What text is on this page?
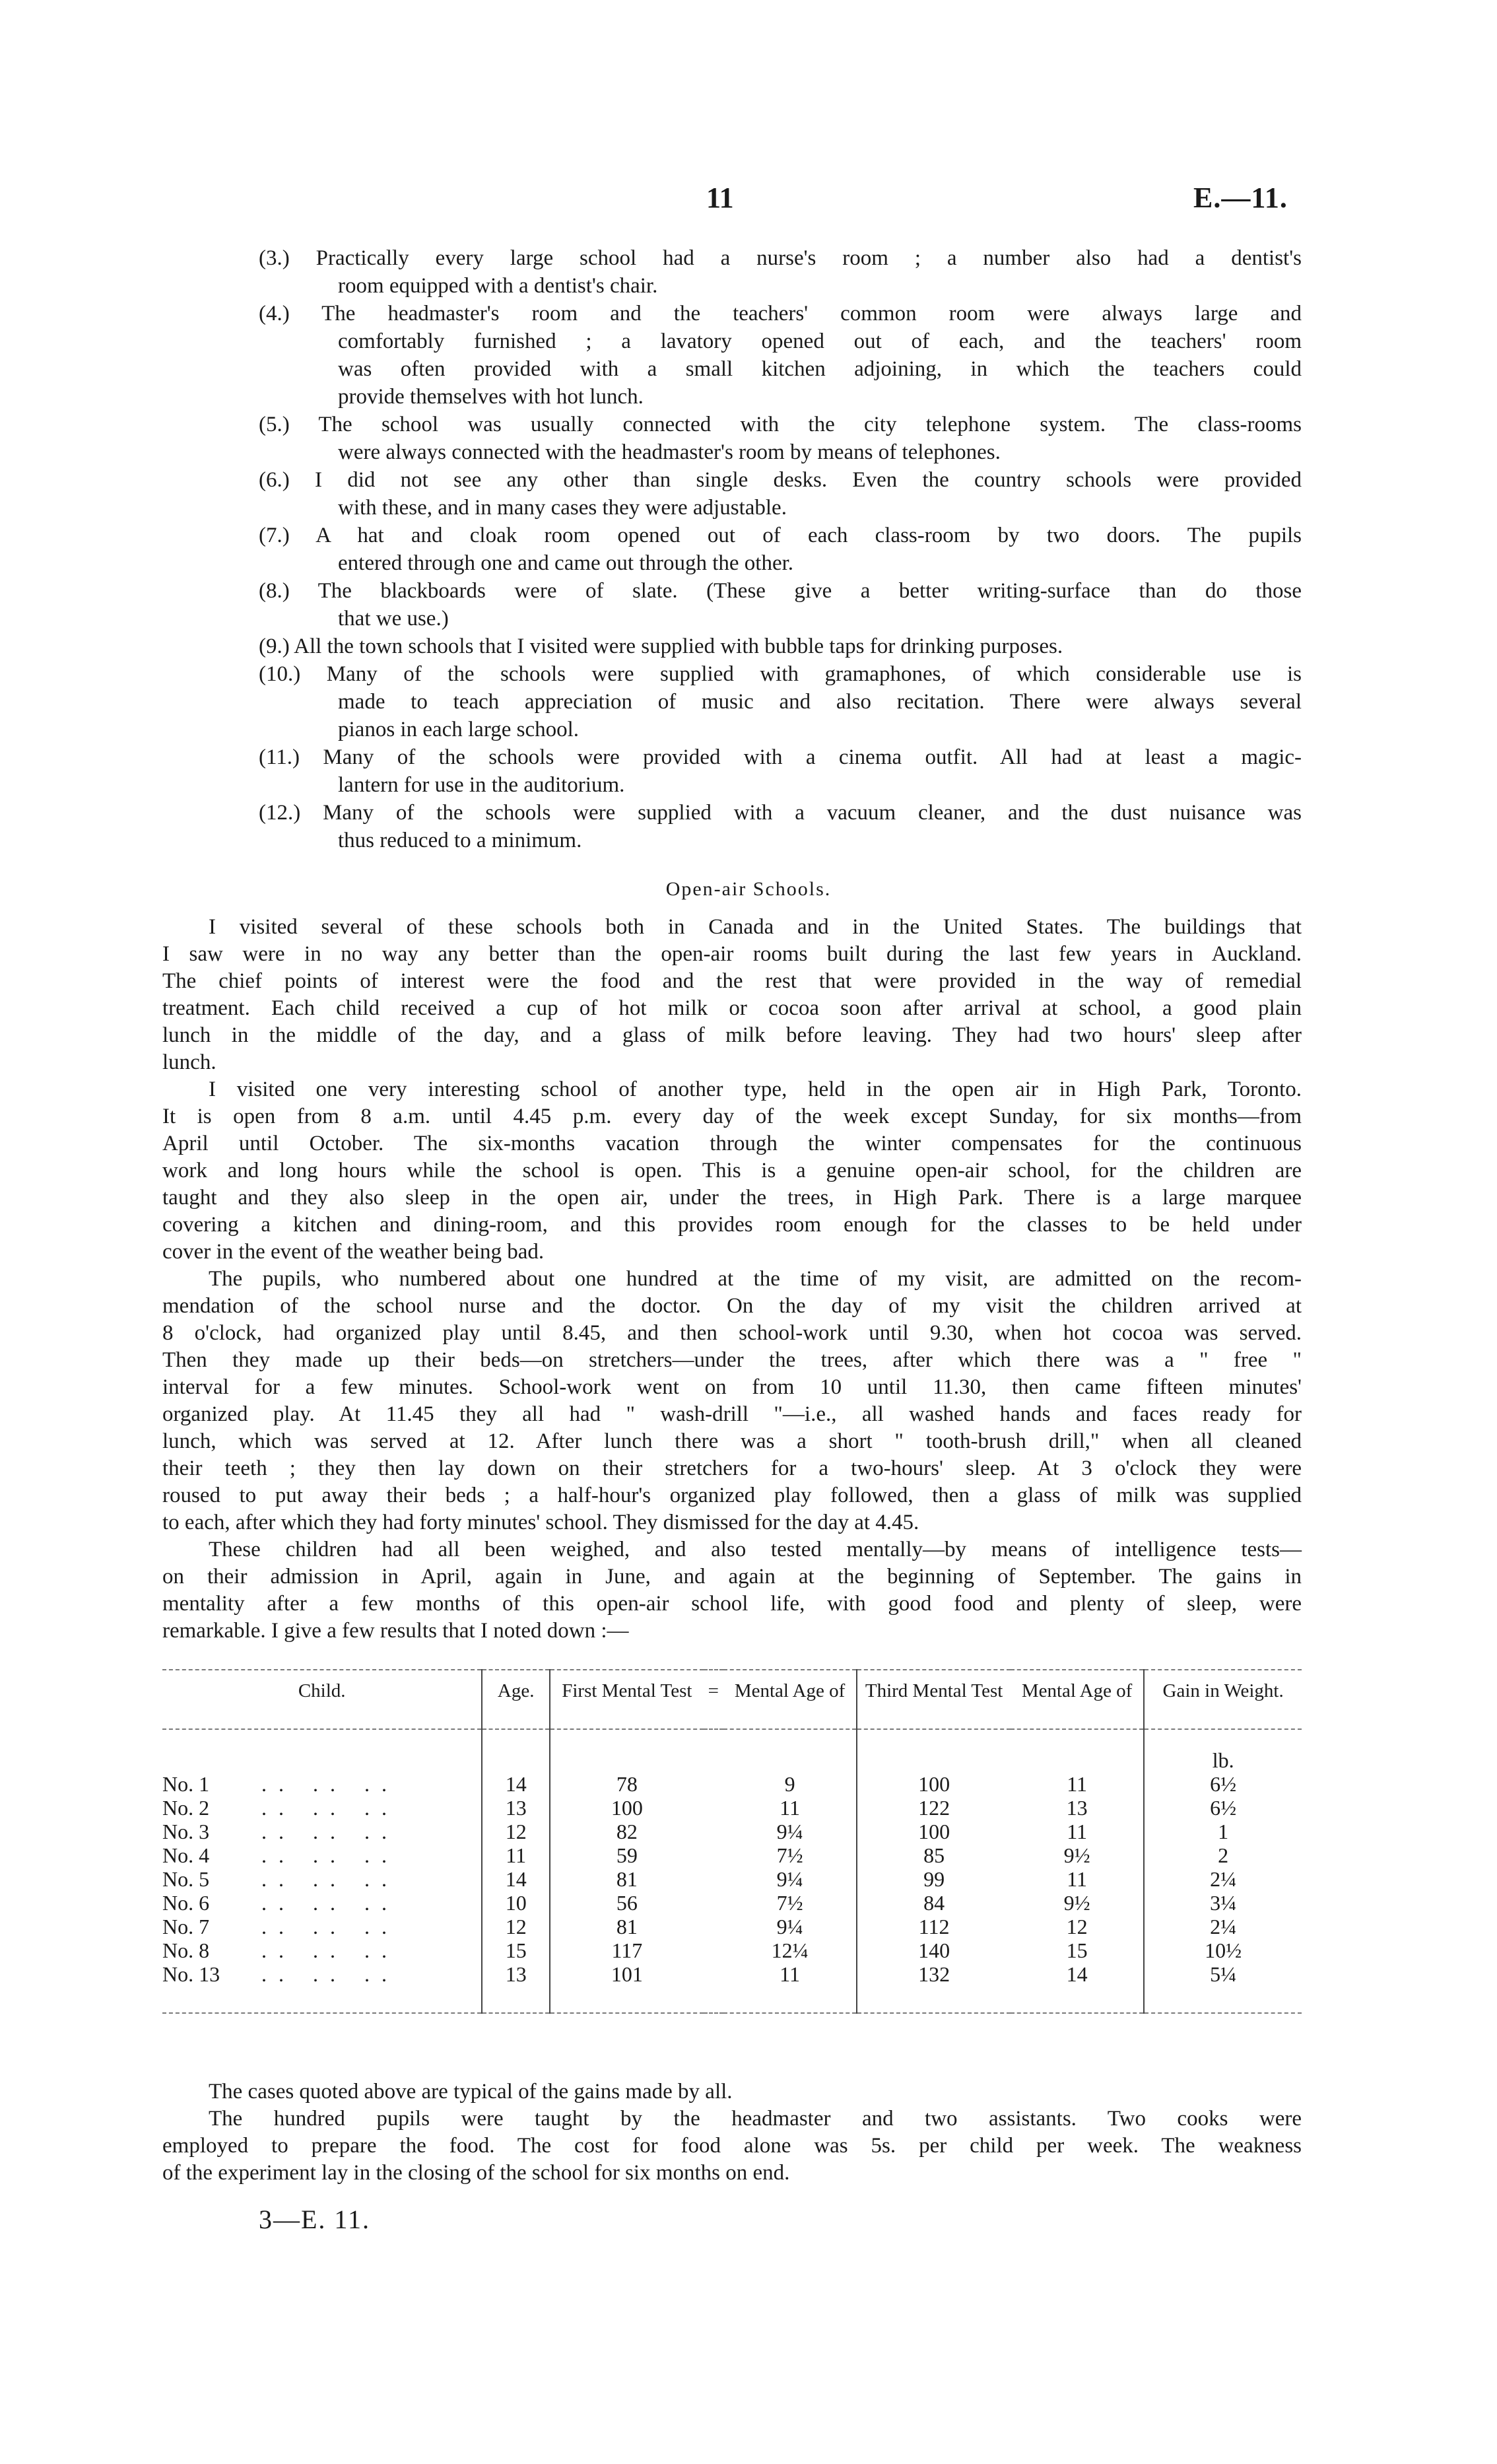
11	E.—11.
(3.) Practically every large school had a nurse's room ; a number also had a dentist's
room equipped with a dentist's chair.
(4.) The headmaster's room and the teachers' common room were always large and
comfortably furnished ; a lavatory opened out of each, and the teachers' room
was often provided with a small kitchen adjoining, in which the teachers could
provide themselves with hot lunch.
(5.) The school was usually connected with the city telephone system. The class-rooms
were always connected with the headmaster's room by means of telephones.
(6.) I did not see any other than single desks. Even the country schools were provided
with these, and in many cases they were adjustable.
(7.) A hat and cloak room opened out of each class-room by two doors. The pupils
entered through one and came out through the other.
(8.) The blackboards were of slate. (These give a better writing-surface than do those
that we use.)
(9.) All the town schools that I visited were supplied with bubble taps for drinking purposes.
(10.) Many of the schools were supplied with gramaphones, of which considerable use is
made to teach appreciation of music and also recitation. There were always several
pianos in each large school.
(11.) Many of the schools were provided with a cinema outfit. All had at least a magic-
lantern for use in the auditorium.
(12.) Many of the schools were supplied with a vacuum cleaner, and the dust nuisance was
thus reduced to a minimum.
Open-air Schools.
I visited several of these schools both in Canada and in the United States. The buildings that
I saw were in no way any better than the open-air rooms built during the last few years in Auckland.
The chief points of interest were the food and the rest that were provided in the way of remedial
treatment. Each child received a cup of hot milk or cocoa soon after arrival at school, a good plain
lunch in the middle of the day, and a glass of milk before leaving. They had two hours' sleep after
lunch.
I visited one very interesting school of another type, held in the open air in High Park, Toronto.
It is open from 8 a.m. until 4.45 p.m. every day of the week except Sunday, for six months—from
April until October. The six-months vacation through the winter compensates for the continuous
work and long hours while the school is open. This is a genuine open-air school, for the children are
taught and they also sleep in the open air, under the trees, in High Park. There is a large marquee
covering a kitchen and dining-room, and this provides room enough for the classes to be held under
cover in the event of the weather being bad.
The pupils, who numbered about one hundred at the time of my visit, are admitted on the recom-
mendation of the school nurse and the doctor. On the day of my visit the children arrived at
8 o'clock, had organized play until 8.45, and then school-work until 9.30, when hot cocoa was served.
Then they made up their beds—on stretchers—under the trees, after which there was a " free "
interval for a few minutes. School-work went on from 10 until 11.30, then came fifteen minutes'
organized play. At 11.45 they all had " wash-drill "—i.e., all washed hands and faces ready for
lunch, which was served at 12. After lunch there was a short " tooth-brush drill," when all cleaned
their teeth ; they then lay down on their stretchers for a two-hours' sleep. At 3 o'clock they were
roused to put away their beds ; a half-hour's organized play followed, then a glass of milk was supplied
to each, after which they had forty minutes' school. They dismissed for the day at 4.45.
These children had all been weighed, and also tested mentally—by means of intelligence tests—
on their admission in April, again in June, and again at the beginning of September. The gains in
mentality after a few months of this open-air school life, with good food and plenty of sleep, were
remarkable. I give a few results that I noted down :—
Child.	Age.	First Mental Test	=	Mental Age of	Third Mental Test	Mental Age of	Gain in Weight.
							lb.
No. 1 .. .. ..	14	78		9	100	11	6½
No. 2 .. .. ..	13	100		11	122	13	6½
No. 3 .. .. ..	12	82		9¼	100	11	1
No. 4 .. .. ..	11	59		7½	85	9½	2
No. 5 .. .. ..	14	81		9¼	99	11	2¼
No. 6 .. .. ..	10	56		7½	84	9½	3¼
No. 7 .. .. ..	12	81		9¼	112	12	2¼
No. 8 .. .. ..	15	117		12¼	140	15	10½
No. 13 .. .. ..	13	101		11	132	14	5¼
The cases quoted above are typical of the gains made by all.
The hundred pupils were taught by the headmaster and two assistants. Two cooks were
employed to prepare the food. The cost for food alone was 5s. per child per week. The weakness
of the experiment lay in the closing of the school for six months on end.
3—E. 11.
